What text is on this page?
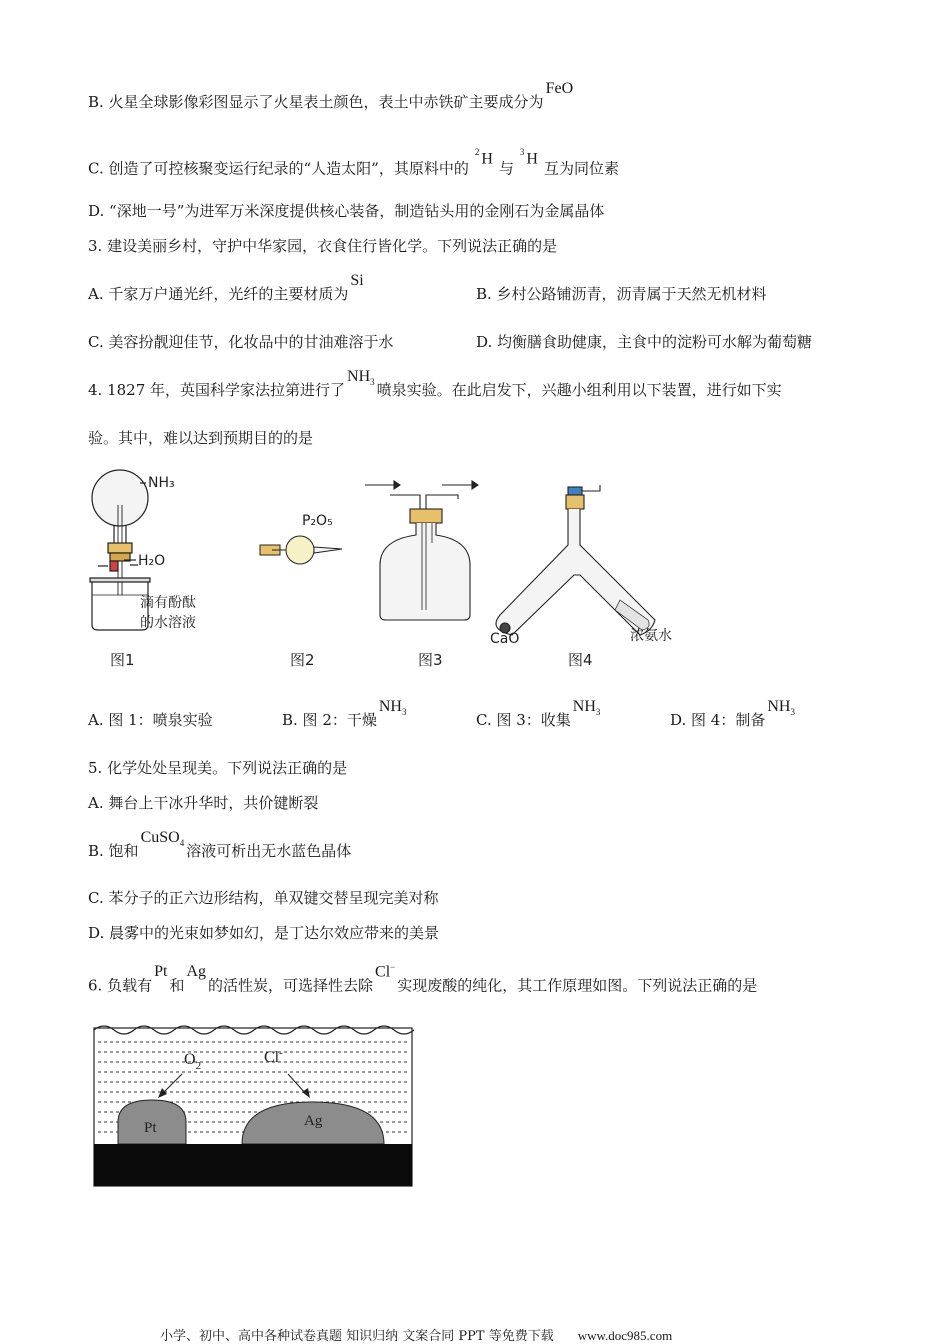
B. 火星全球影像彩图显示了火星表土颜色，表土中赤铁矿主要成分为FeO
C. 创造了可控核聚变运行纪录的“人造太阳”，其原料中的$^2$ H与$^3$ H互为同位素
D. “深地一号”为进军万米深度提供核心装备，制造钻头用的金刚石为金属晶体
3. 建设美丽乡村，守护中华家园，衣食住行皆化学。下列说法正确的是
A. 千家万户通光纤，光纤的主要材质为Si
B. 乡村公路铺沥青，沥青属于天然无机材料
C. 美容扮靓迎佳节，化妆品中的甘油难溶于水	D. 均衡膳食助健康，主食中的淀粉可水解为葡萄糖
4. 1827 年，英国科学家法拉第进行了$NH_3$ 喷泉实验。在此启发下，兴趣小组利用以下装置，进行如下实
验。其中，难以达到预期目的的是
NH₃
H₂O
滴有酚酞
的水溶液
P₂O₅
CaO	浓氨水
图1	图2	图3	图4
A. 图 1：喷泉实验	B. 图 2：干燥$NH_3$	C. 图 3：收集$NH_3$	D. 图 4：制备$NH_3$
5. 化学处处呈现美。下列说法正确的是
A. 舞台上干冰升华时，共价键断裂
B. 饱和CuSO$_4$ 溶液可析出无水蓝色晶体
C. 苯分子的正六边形结构，单双键交替呈现完美对称
D. 晨雾中的光束如梦如幻，是丁达尔效应带来的美景
6. 负载有Pt和Ag的活性炭，可选择性去除Cl−实现废酸的纯化，其工作原理如图。下列说法正确的是
$O_2$	Cl-
Pt	Ag
小学、初中、高中各种试卷真题 知识归纳 文案合同 PPT 等免费下载 www.doc985.com
